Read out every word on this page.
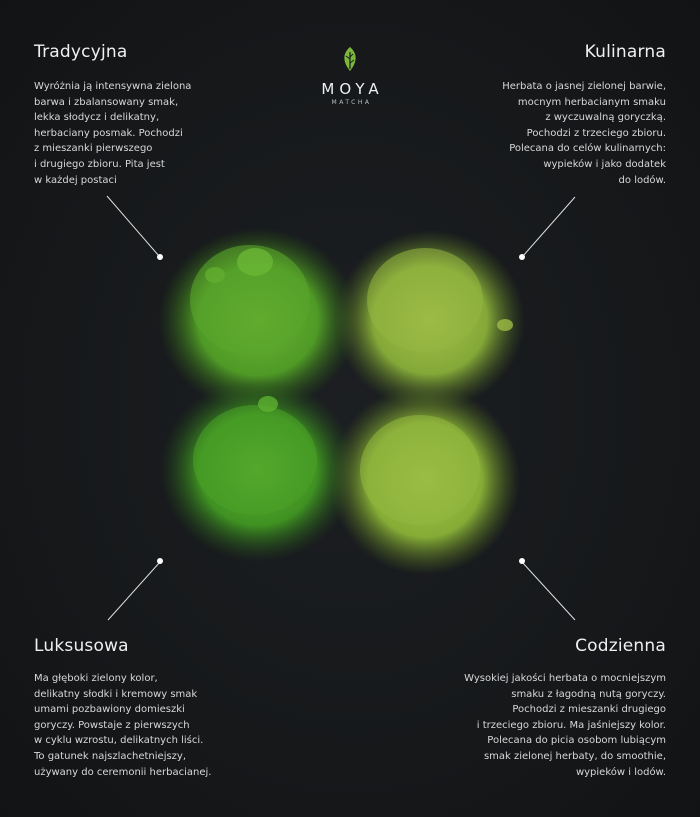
MOYA
MATCHA
Tradycyjna
Wyróżnia ją intensywna zielona
barwa i zbalansowany smak,
lekka słodycz i delikatny,
herbaciany posmak. Pochodzi
z mieszanki pierwszego
i drugiego zbioru. Pita jest
w każdej postaci
Kulinarna
Herbata o jasnej zielonej barwie,
mocnym herbacianym smaku
z wyczuwalną goryczką.
Pochodzi z trzeciego zbioru.
Polecana do celów kulinarnych:
wypieków i jako dodatek
do lodów.
Luksusowa
Ma głęboki zielony kolor,
delikatny słodki i kremowy smak
umami pozbawiony domieszki
goryczy. Powstaje z pierwszych
w cyklu wzrostu, delikatnych liści.
To gatunek najszlachetniejszy,
używany do ceremonii herbacianej.
Codzienna
Wysokiej jakości herbata o mocniejszym
smaku z łagodną nutą goryczy.
Pochodzi z mieszanki drugiego
i trzeciego zbioru. Ma jaśniejszy kolor.
Polecana do picia osobom lubiącym
smak zielonej herbaty, do smoothie,
wypieków i lodów.
